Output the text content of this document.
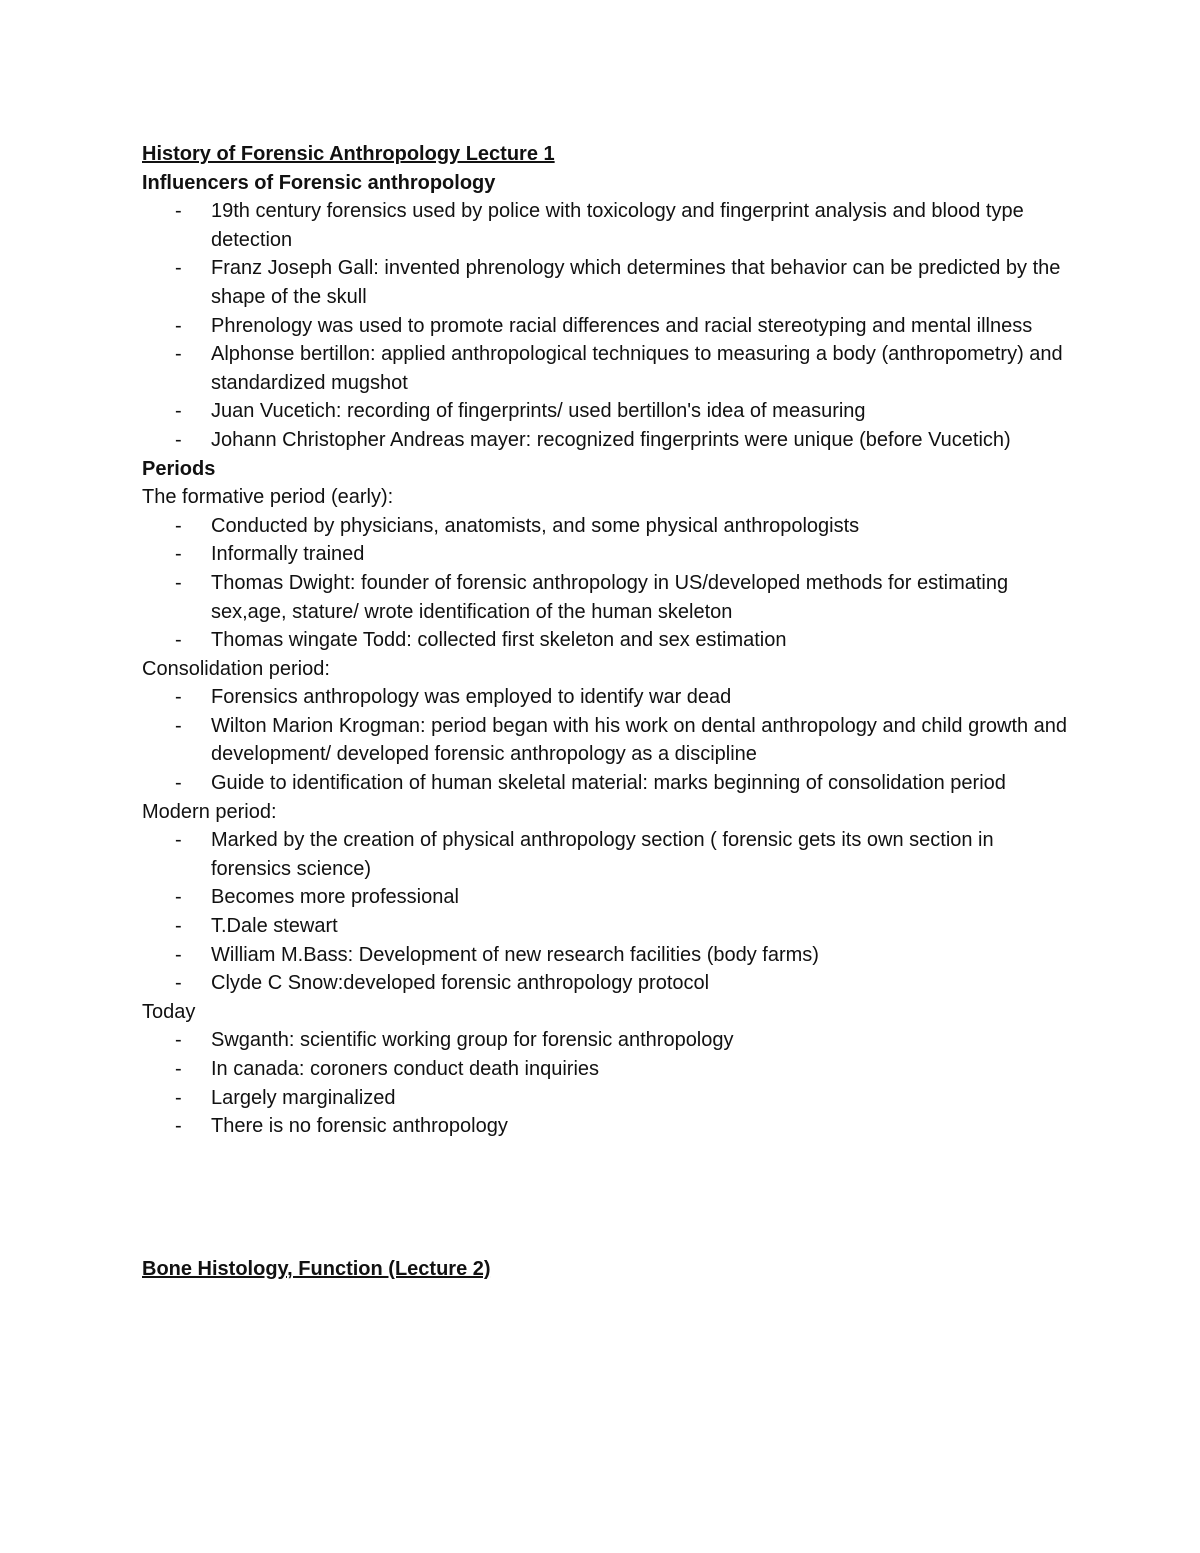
History of Forensic Anthropology Lecture 1

Influencers of Forensic anthropology

- 19th century forensics used by police with toxicology and fingerprint analysis and blood type detection
- Franz Joseph Gall: invented phrenology which determines that behavior can be predicted by the shape of the skull
- Phrenology was used to promote racial differences and racial stereotyping and mental illness
- Alphonse bertillon: applied anthropological techniques to measuring a body (anthropometry) and standardized mugshot
- Juan Vucetich: recording of fingerprints/ used bertillon's idea of measuring
- Johann Christopher Andreas mayer: recognized fingerprints were unique (before Vucetich)

Periods

The formative period (early):

- Conducted by physicians, anatomists, and some physical anthropologists
- Informally trained
- Thomas Dwight: founder of forensic anthropology in US/developed methods for estimating sex,age, stature/ wrote identification of the human skeleton
- Thomas wingate Todd: collected first skeleton and sex estimation

Consolidation period:

- Forensics anthropology was employed to identify war dead
- Wilton Marion Krogman: period began with his work on dental anthropology and child growth and development/ developed forensic anthropology as a discipline
- Guide to identification of human skeletal material: marks beginning of consolidation period

Modern period:

- Marked by the creation of physical anthropology section ( forensic gets its own section in forensics science)
- Becomes more professional
- T.Dale stewart
- William M.Bass: Development of new research facilities (body farms)
- Clyde C Snow:developed forensic anthropology protocol

Today

- Swganth: scientific working group for forensic anthropology
- In canada: coroners conduct death inquiries
- Largely marginalized
- There is no forensic anthropology

Bone Histology, Function (Lecture 2)
